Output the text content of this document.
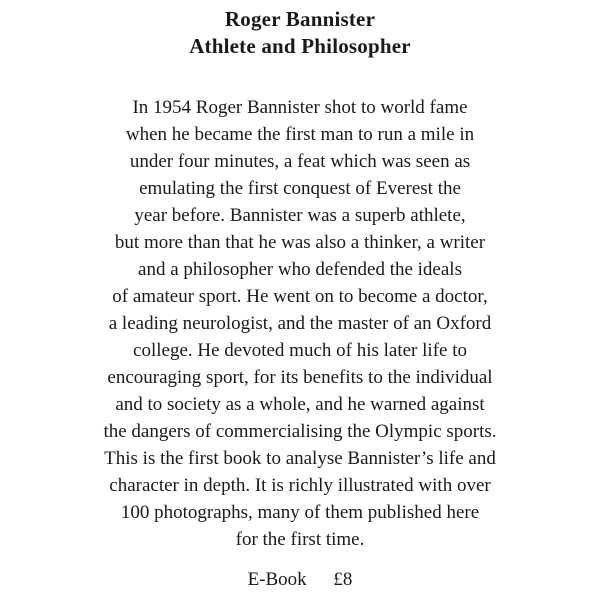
Roger Bannister
Athlete and Philosopher
In 1954 Roger Bannister shot to world fame
when he became the first man to run a mile in
under four minutes, a feat which was seen as
emulating the first conquest of Everest the
year before. Bannister was a superb athlete,
but more than that he was also a thinker, a writer
and a philosopher who defended the ideals
of amateur sport. He went on to become a doctor,
a leading neurologist, and the master of an Oxford
college. He devoted much of his later life to
encouraging sport, for its benefits to the individual
and to society as a whole, and he warned against
the dangers of commercialising the Olympic sports.
This is the first book to analyse Bannister’s life and
character in depth. It is richly illustrated with over
100 photographs, many of them published here
for the first time.
E-Book £8
